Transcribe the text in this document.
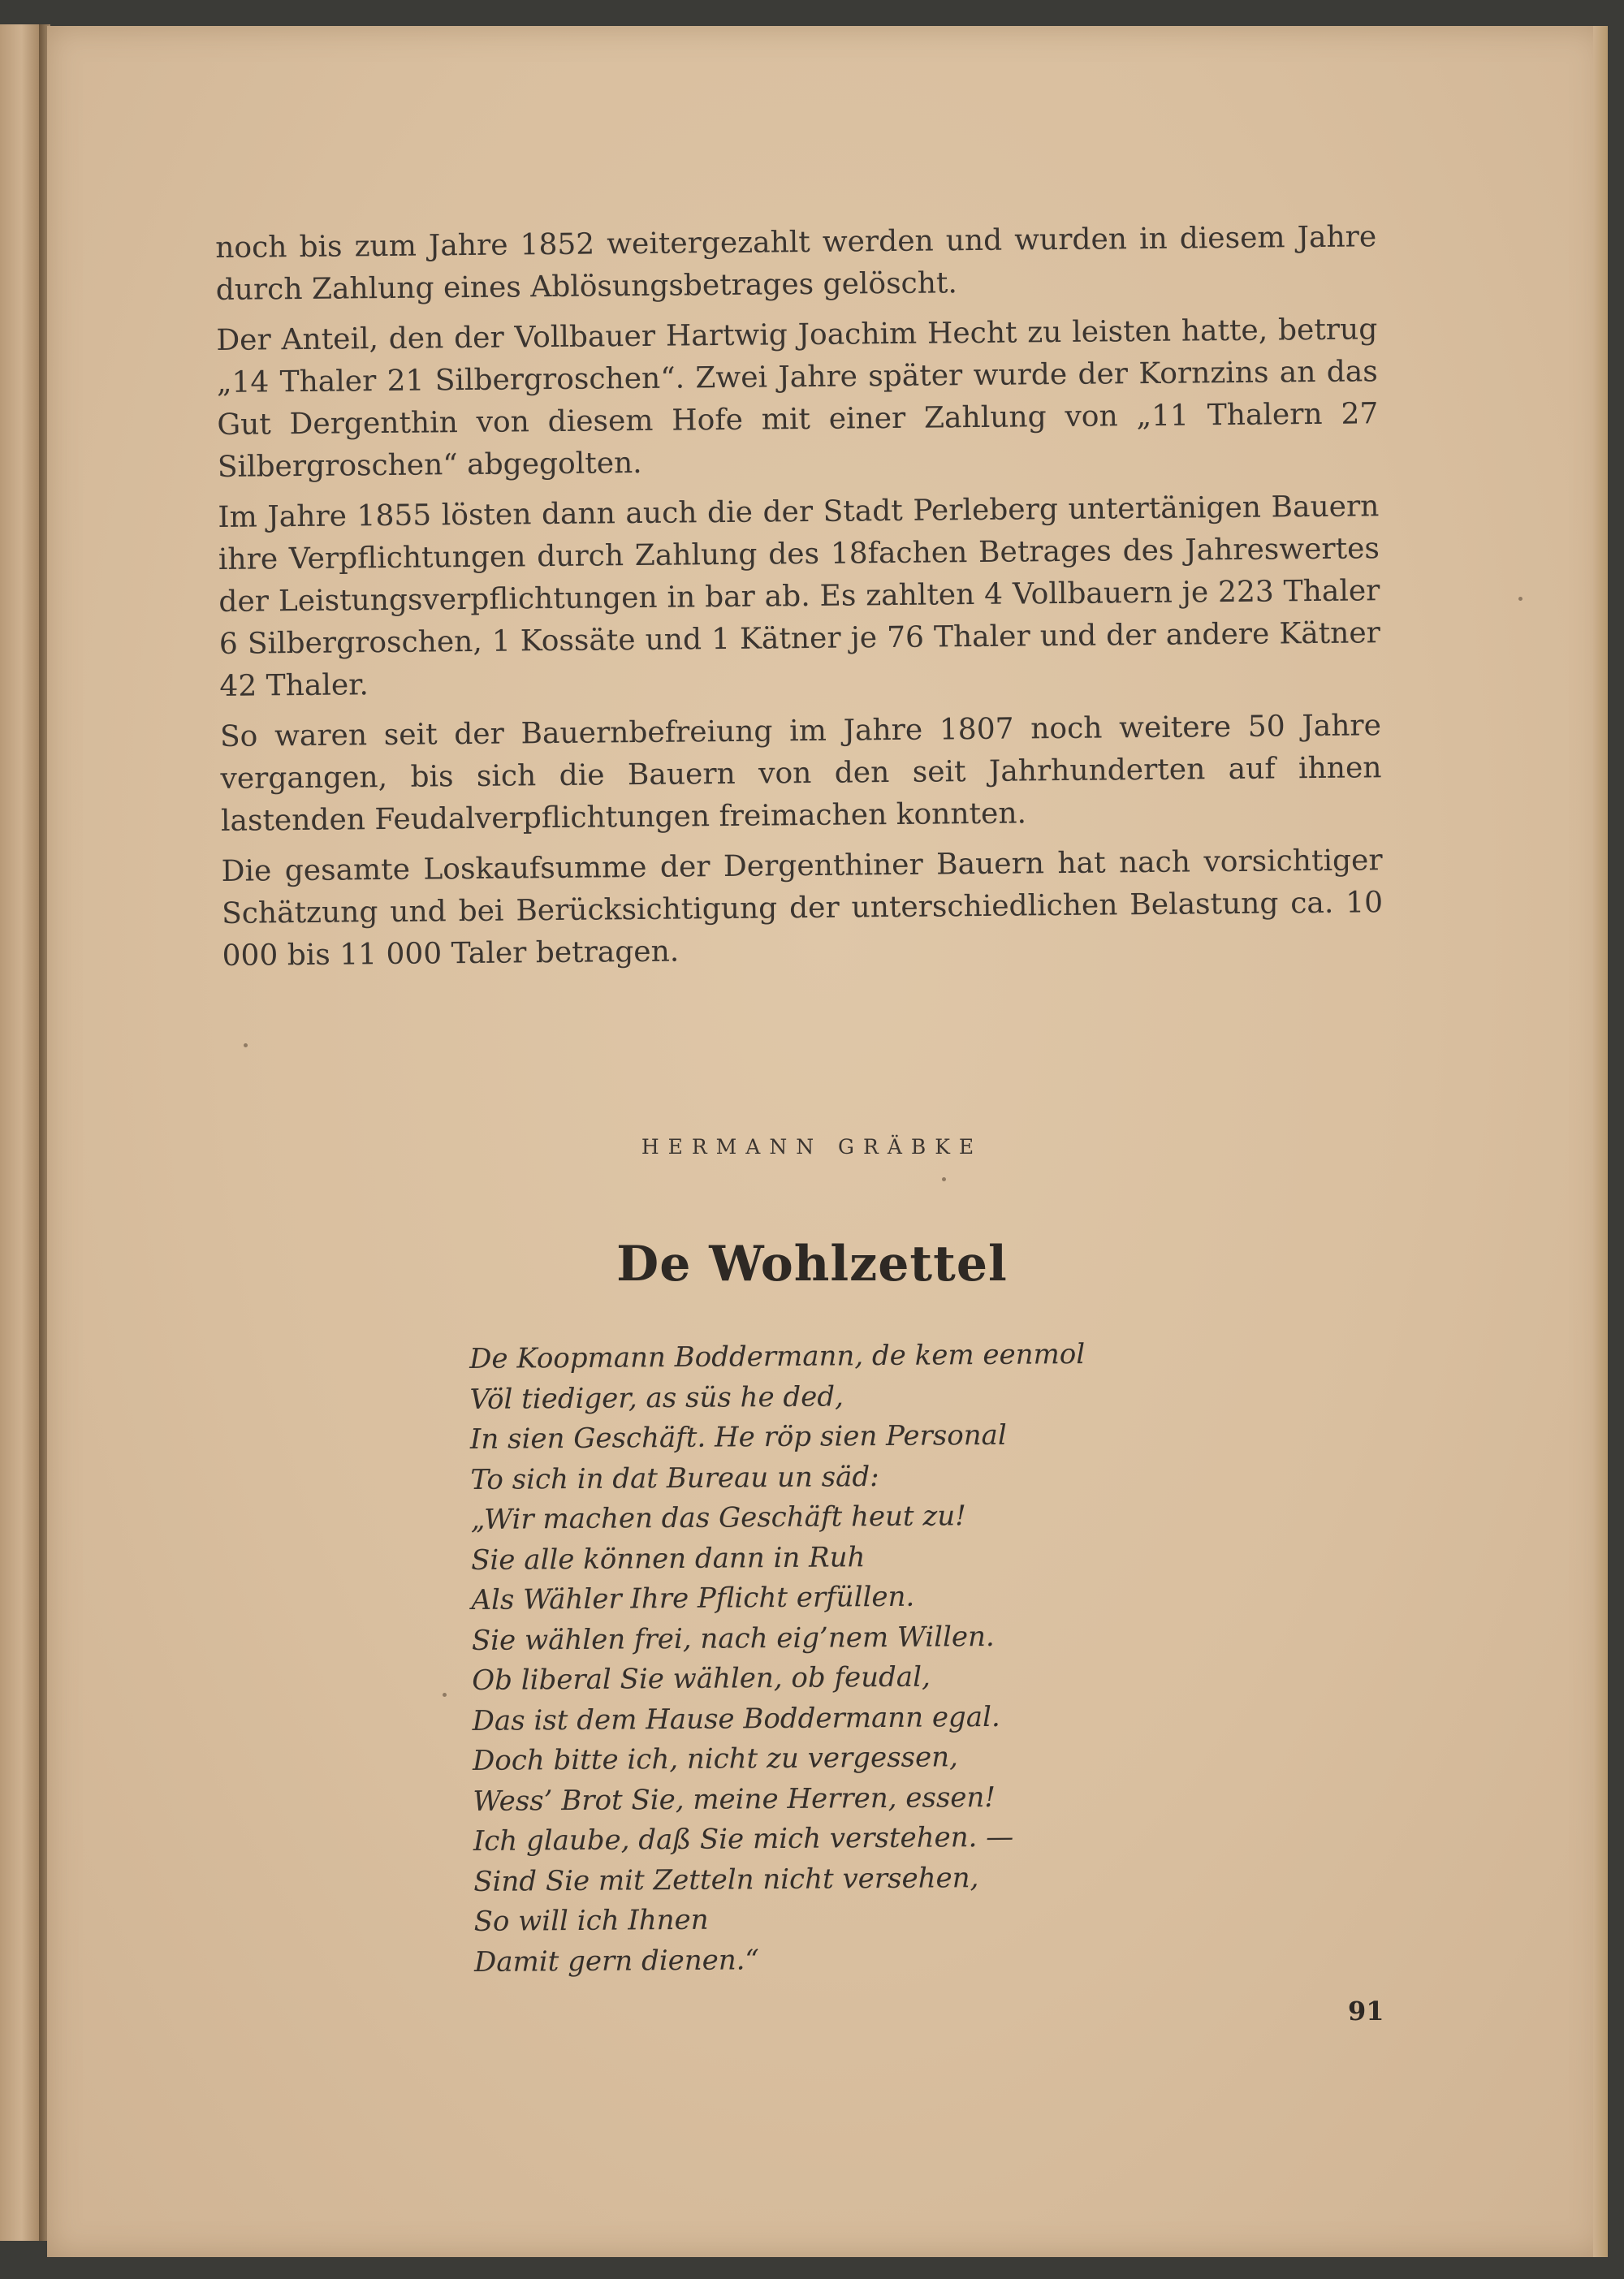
noch bis zum Jahre 1852 weitergezahlt werden und wurden in diesem Jahre durch Zahlung eines Ablösungsbetrages gelöscht.

Der Anteil, den der Vollbauer Hartwig Joachim Hecht zu leisten hatte, betrug „14 Thaler 21 Silbergroschen“. Zwei Jahre später wurde der Kornzins an das Gut Dergenthin von diesem Hofe mit einer Zahlung von „11 Thalern 27 Silbergroschen“ abgegolten.

Im Jahre 1855 lösten dann auch die der Stadt Perleberg untertänigen Bauern ihre Verpflichtungen durch Zahlung des 18fachen Betrages des Jahreswertes der Leistungsverpflichtungen in bar ab. Es zahlten 4 Vollbauern je 223 Thaler 6 Silbergroschen, 1 Kossäte und 1 Kätner je 76 Thaler und der andere Kätner 42 Thaler.

So waren seit der Bauernbefreiung im Jahre 1807 noch weitere 50 Jahre vergangen, bis sich die Bauern von den seit Jahrhunderten auf ihnen lastenden Feudalverpflichtungen freimachen konnten.

Die gesamte Loskaufsumme der Dergenthiner Bauern hat nach vorsichtiger Schätzung und bei Berücksichtigung der unterschiedlichen Belastung ca. 10 000 bis 11 000 Taler betragen.

HERMANN GRÄBKE
De Wohlzettel
De Koopmann Boddermann, de kem eenmol
Völ tiediger, as süs he ded,
In sien Geschäft. He röp sien Personal
To sich in dat Bureau un säd:
„Wir machen das Geschäft heut zu!
Sie alle können dann in Ruh
Als Wähler Ihre Pflicht erfüllen.
Sie wählen frei, nach eig’nem Willen.
Ob liberal Sie wählen, ob feudal,
Das ist dem Hause Boddermann egal.
Doch bitte ich, nicht zu vergessen,
Wess’ Brot Sie, meine Herren, essen!
Ich glaube, daß Sie mich verstehen. —
Sind Sie mit Zetteln nicht versehen,
So will ich Ihnen
Damit gern dienen.“
91
